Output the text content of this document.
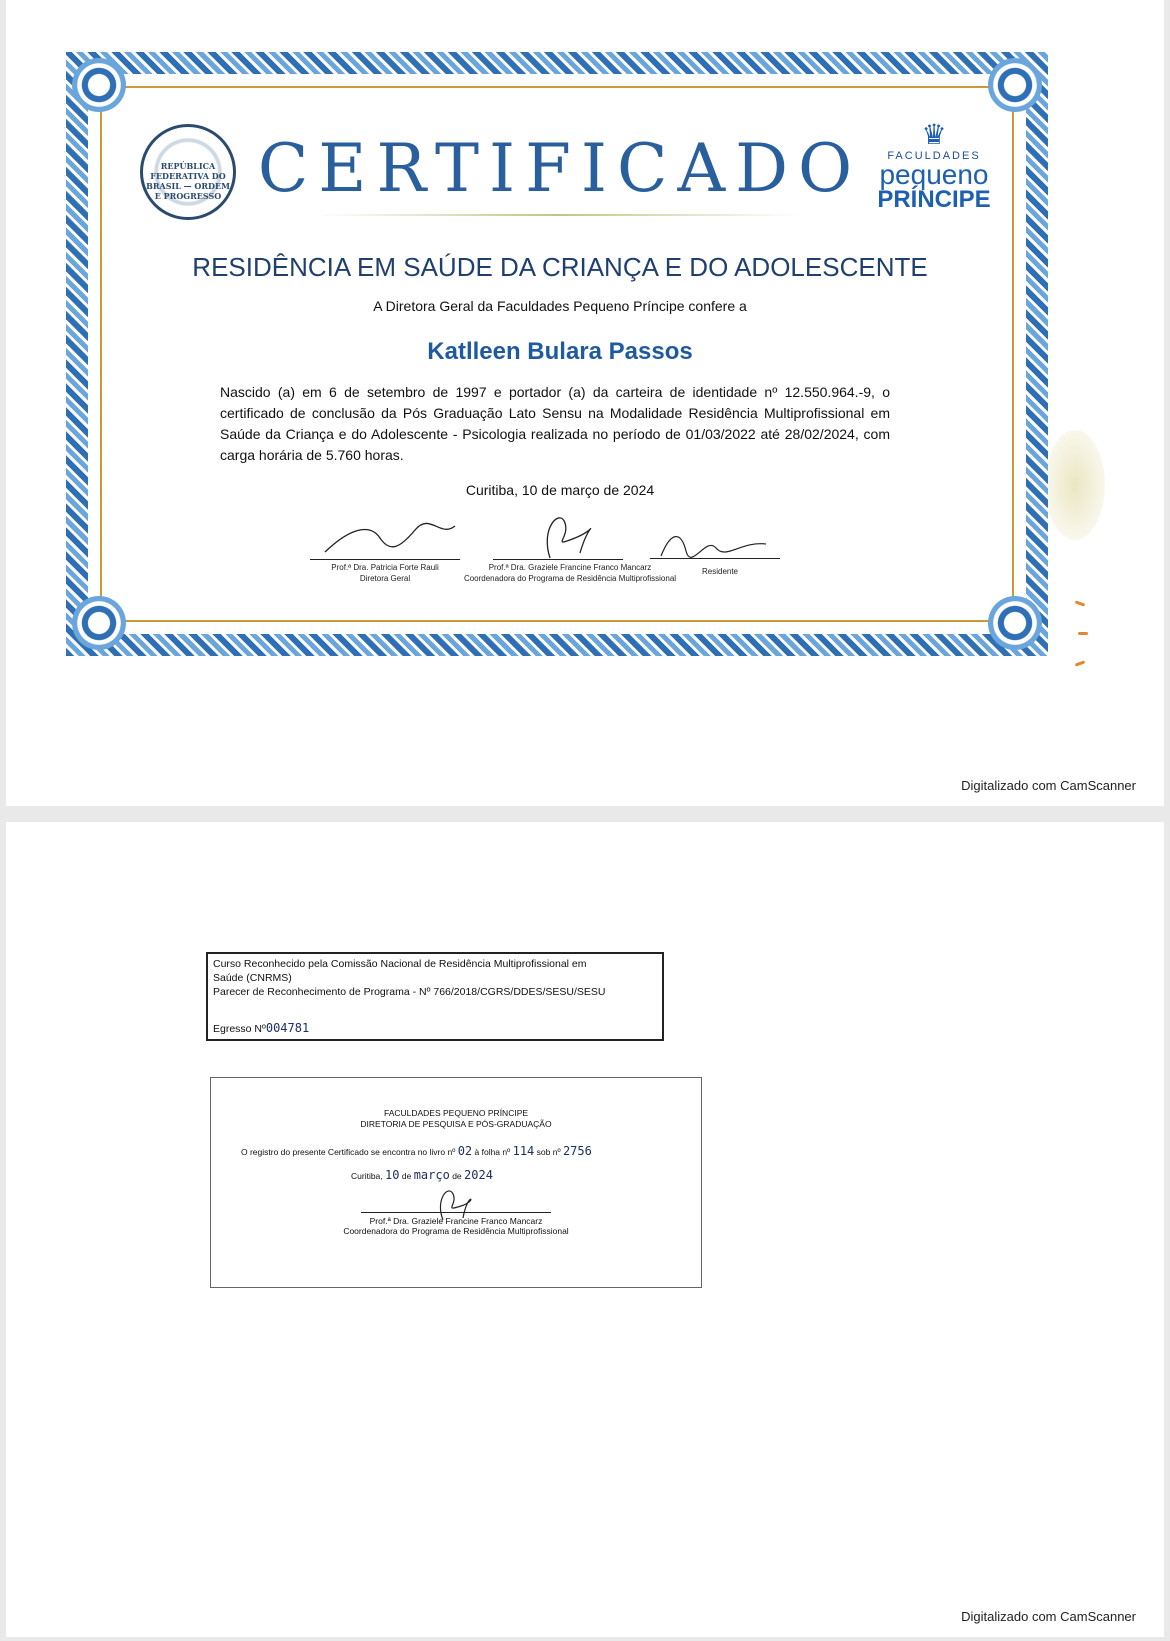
REPÚBLICA FEDERATIVA DO BRASIL — ORDEM E PROGRESSO CERTIFICADO	♛
FACULDADES
pequeno
PRÍNCIPE
RESIDÊNCIA EM SAÚDE DA CRIANÇA E DO ADOLESCENTE
A Diretora Geral da Faculdades Pequeno Príncipe confere a
Katlleen Bulara Passos
Nascido (a) em 6 de setembro de 1997 e portador (a) da carteira de identidade nº 12.550.964.-9, o certificado de conclusão da Pós Graduação Lato Sensu na Modalidade Residência Multiprofissional em Saúde da Criança e do Adolescente - Psicologia realizada no período de 01/03/2022 até 28/02/2024, com carga horária de 5.760 horas.
Curitiba, 10 de março de 2024
Prof.ª Dra. Patricia Forte Rauli
Diretora Geral
Prof.ª Dra. Graziele Francine Franco Mancarz
Coordenadora do Programa de Residência Multiprofissional
Residente
Digitalizado com CamScanner
Curso Reconhecido pela Comissão Nacional de Residência Multiprofissional em
Saúde (CNRMS)
Parecer de Reconhecimento de Programa - Nº 766/2018/CGRS/DDES/SESU/SESU
Egresso Nº004781
FACULDADES PEQUENO PRÍNCIPE
DIRETORIA DE PESQUISA E PÓS-GRADUAÇÃO
O registro do presente Certificado se encontra no livro nº 02 à folha nº 114 sob nº 2756
Curitiba, 10 de março de 2024
Prof.ª Dra. Graziele Francine Franco Mancarz
Coordenadora do Programa de Residência Multiprofissional
Digitalizado com CamScanner
